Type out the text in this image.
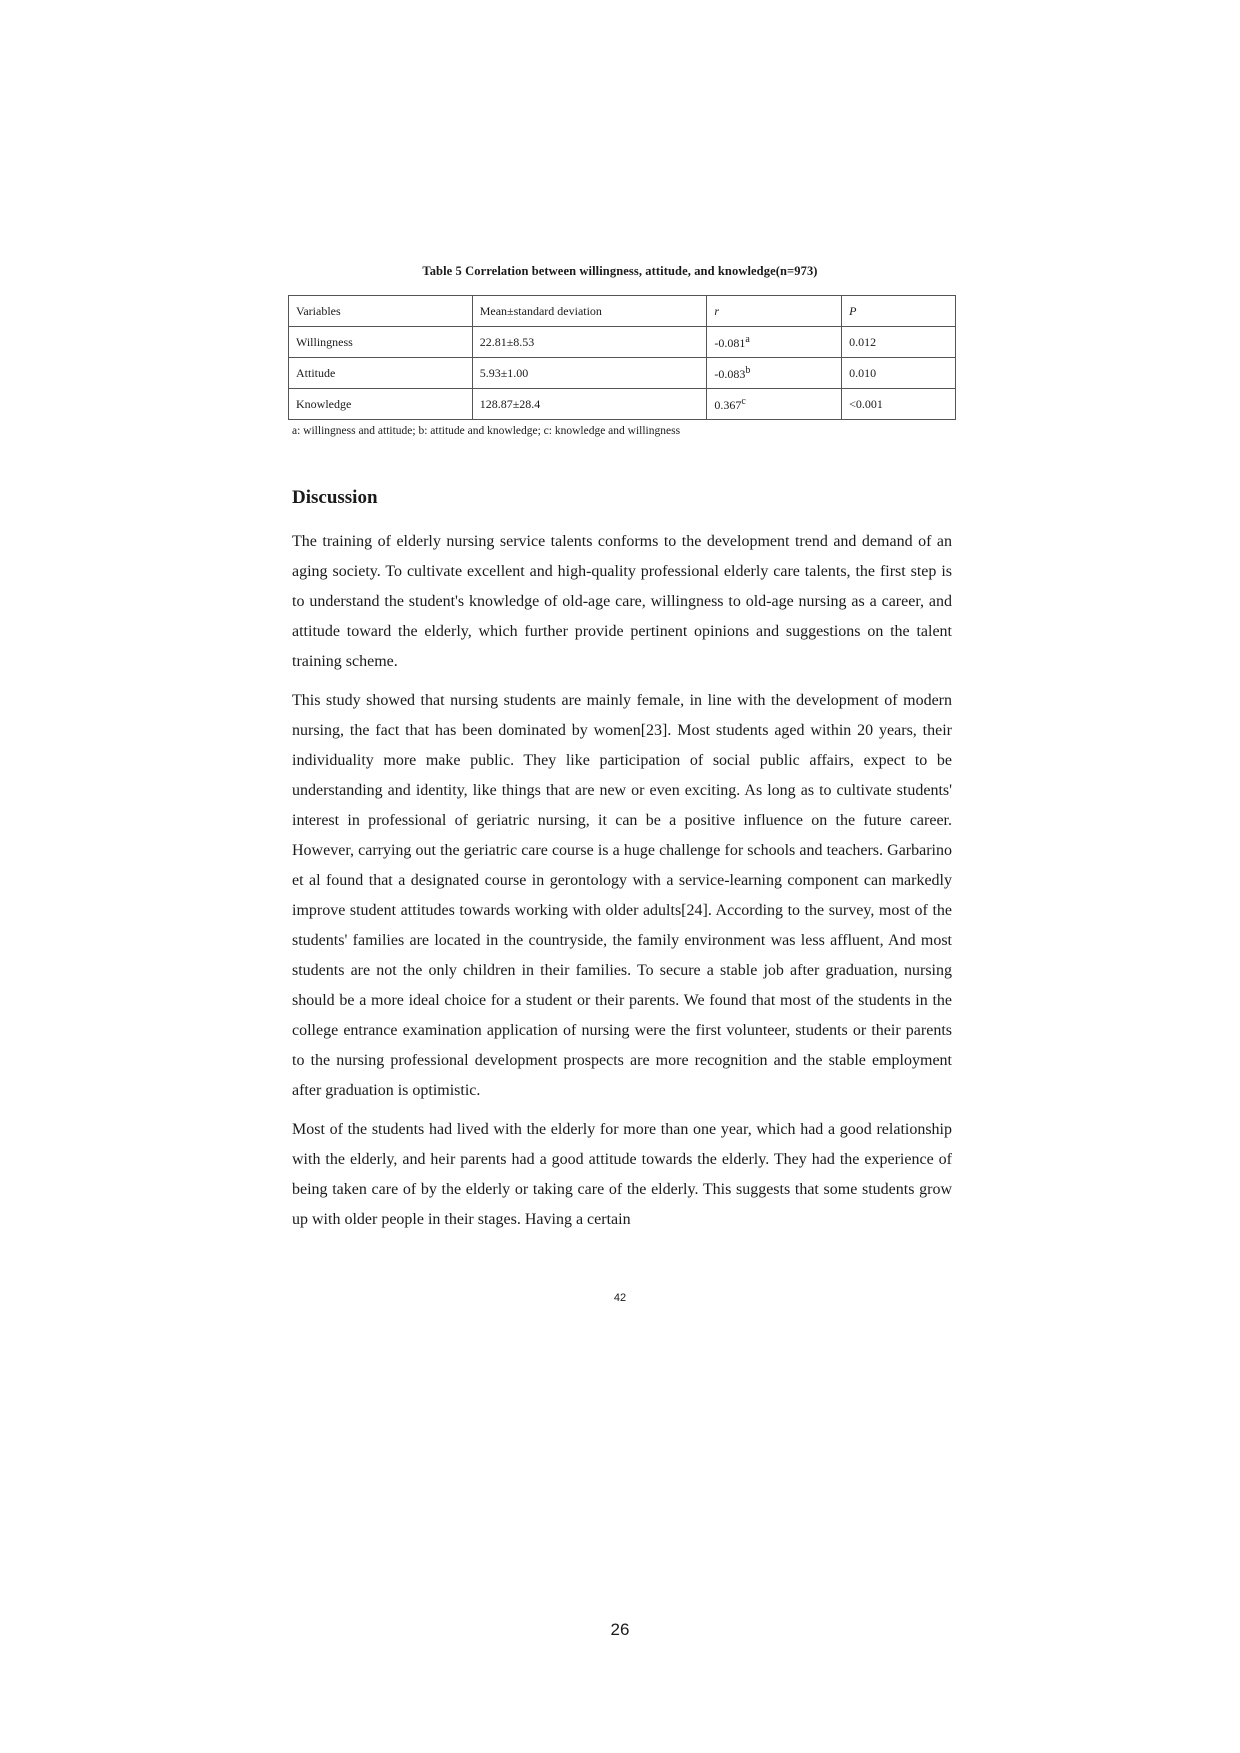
Table 5 Correlation between willingness, attitude, and knowledge(n=973)
Variables	Mean±standard deviation	r	P
Willingness	22.81±8.53	-0.081$^a$	0.012
Attitude	5.93±1.00	-0.083$^b$	0.010
Knowledge	128.87±28.4	0.367$^c$	<0.001
a: willingness and attitude; b: attitude and knowledge; c: knowledge and willingness
Discussion

The training of elderly nursing service talents conforms to the development trend and demand of an aging society. To cultivate excellent and high-quality professional elderly care talents, the first step is to understand the student's knowledge of old-age care, willingness to old-age nursing as a career, and attitude toward the elderly, which further provide pertinent opinions and suggestions on the talent training scheme.

This study showed that nursing students are mainly female, in line with the development of modern nursing, the fact that has been dominated by women[23]. Most students aged within 20 years, their individuality more make public. They like participation of social public affairs, expect to be understanding and identity, like things that are new or even exciting. As long as to cultivate students' interest in professional of geriatric nursing, it can be a positive influence on the future career. However, carrying out the geriatric care course is a huge challenge for schools and teachers. Garbarino et al found that a designated course in gerontology with a service-learning component can markedly improve student attitudes towards working with older adults[24]. According to the survey, most of the students' families are located in the countryside, the family environment was less affluent, And most students are not the only children in their families. To secure a stable job after graduation, nursing should be a more ideal choice for a student or their parents. We found that most of the students in the college entrance examination application of nursing were the first volunteer, students or their parents to the nursing professional development prospects are more recognition and the stable employment after graduation is optimistic.

Most of the students had lived with the elderly for more than one year, which had a good relationship with the elderly, and heir parents had a good attitude towards the elderly. They had the experience of being taken care of by the elderly or taking care of the elderly. This suggests that some students grow up with older people in their stages. Having a certain

42
26
